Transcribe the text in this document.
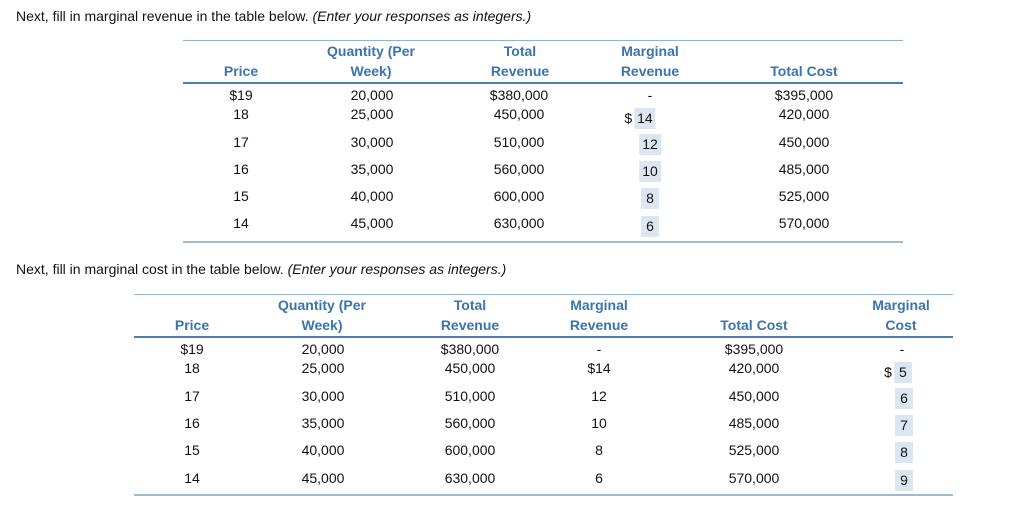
Next, fill in marginal revenue in the table below. (Enter your responses as integers.)
Price
Quantity (Per
Week)
Total
Revenue
Marginal
Revenue	Total Cost
$19	20,000	$380,000	-	$395,000
18	25,000	450,000	$ 14	420,000
17	30,000	510,000	12	450,000
16	35,000	560,000	10	485,000
15	40,000	600,000	8	525,000
14	45,000	630,000	6	570,000
Next, fill in marginal cost in the table below. (Enter your responses as integers.)
Price
Quantity (Per
Week)
Total
Revenue
Marginal
Revenue	Total Cost
Marginal
Cost
$19	20,000	$380,000	-	$395,000	-
18	25,000	450,000	$14	420,000	$ 5
17	30,000	510,000	12	450,000	6
16	35,000	560,000	10	485,000	7
15	40,000	600,000	8	525,000	8
14	45,000	630,000	6	570,000	9
